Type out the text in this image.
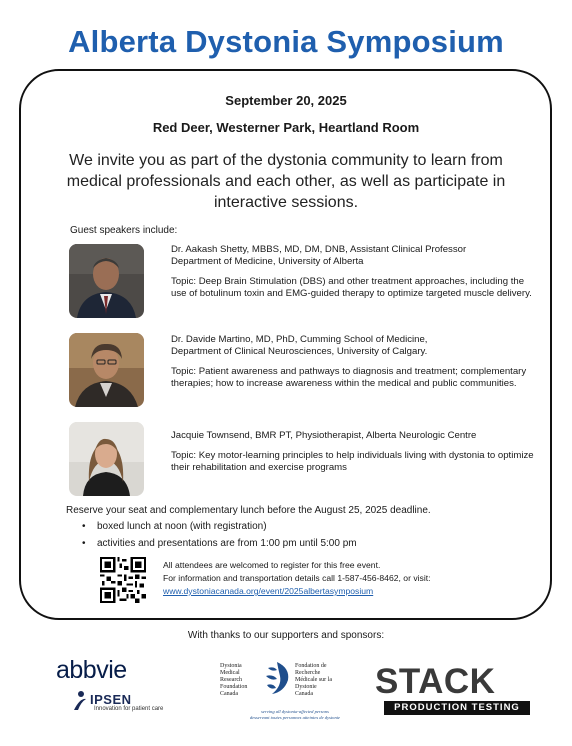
Alberta Dystonia Symposium
September 20, 2025
Red Deer, Westerner Park, Heartland Room
We invite you as part of the dystonia community to learn from medical professionals and each other, as well as participate in interactive sessions.
Guest speakers include:
Dr. Aakash Shetty, MBBS, MD, DM, DNB, Assistant Clinical Professor
Department of Medicine, University of Alberta
Topic: Deep Brain Stimulation (DBS) and other treatment approaches, including the use of botulinum toxin and EMG-guided therapy to optimize targeted muscle delivery.
Dr. Davide Martino, MD, PhD, Cumming School of Medicine,
Department of Clinical Neurosciences, University of Calgary.
Topic: Patient awareness and pathways to diagnosis and treatment; complementary therapies; how to increase awareness within the medical and public communities.
Jacquie Townsend, BMR PT, Physiotherapist, Alberta Neurologic Centre
Topic: Key motor-learning principles to help individuals living with dystonia to optimize their rehabilitation and exercise programs
Reserve your seat and complementary lunch before the August 25, 2025 deadline.
• boxed lunch at noon (with registration)
• activities and presentations are from 1:00 pm until 5:00 pm
All attendees are welcomed to register for this free event.
For information and transportation details call 1-587-456-8462, or visit:
www.dystoniacanada.org/event/2025albertasymposium
With thanks to our supporters and sponsors:
abbvie
IPSEN
Innovation for patient care
Dystonia
Medical
Research
Foundation
Canada
Fondation de
Recherche
Médicale sur la
Dystonie
Canada
serving all dystonia-affected persons
desservant toutes personnes atteintes de dystonie
STACK
PRODUCTION TESTING
